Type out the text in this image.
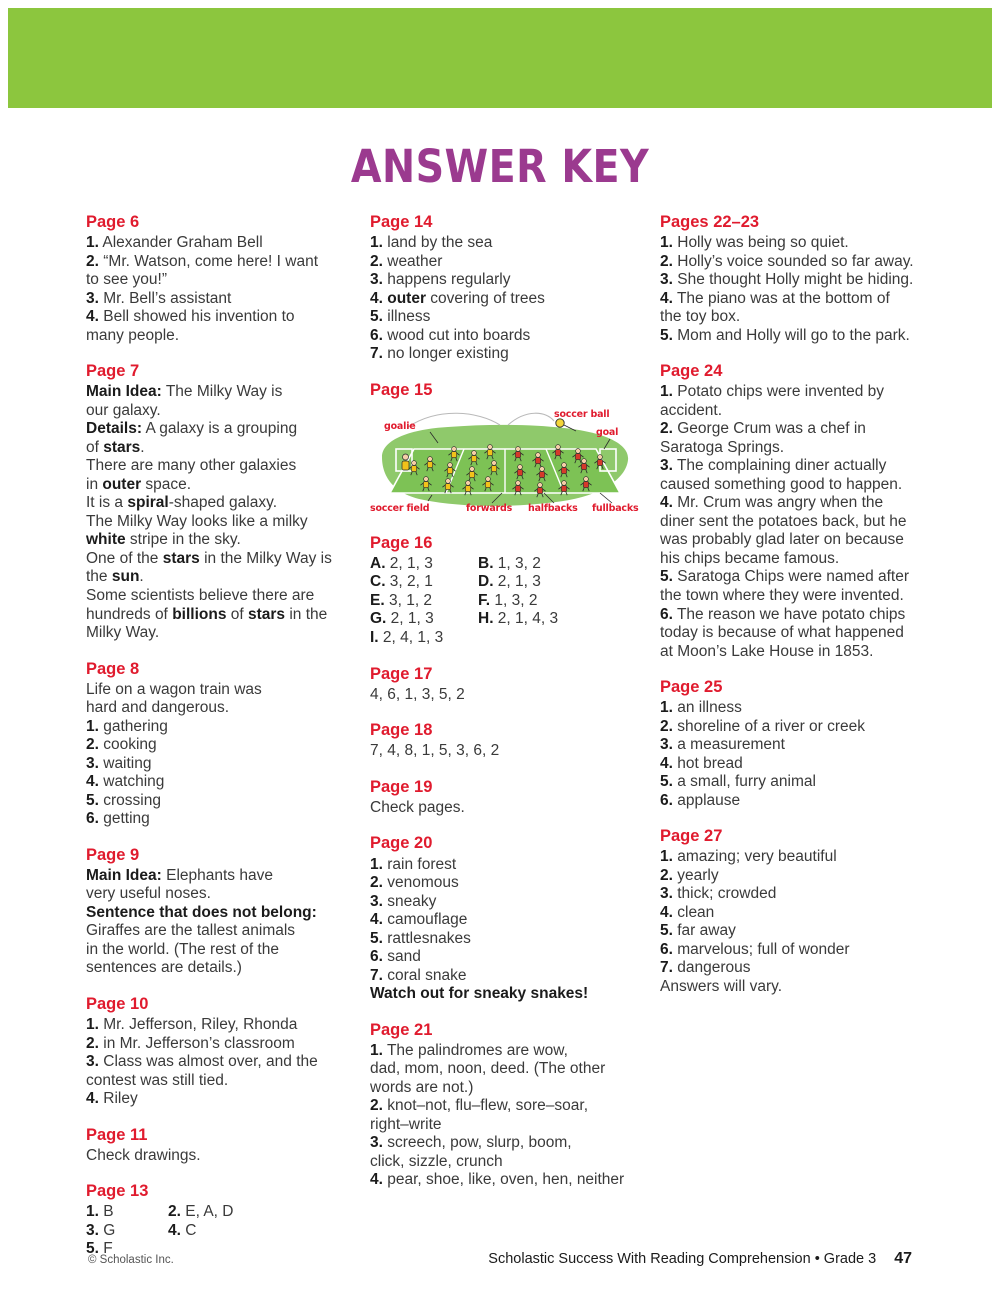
ANSWER KEY
Page 6
1. Alexander Graham Bell
2. “Mr. Watson, come here! I want
to see you!”
3. Mr. Bell’s assistant
4. Bell showed his invention to
many people.
Page 7
Main Idea: The Milky Way is
our galaxy.
Details: A galaxy is a grouping
of stars.
There are many other galaxies
in outer space.
It is a spiral-shaped galaxy.
The Milky Way looks like a milky
white stripe in the sky.
One of the stars in the Milky Way is
the sun.
Some scientists believe there are
hundreds of billions of stars in the
Milky Way.
Page 8
Life on a wagon train was
hard and dangerous.
1. gathering
2. cooking
3. waiting
4. watching
5. crossing
6. getting
Page 9
Main Idea: Elephants have
very useful noses.
Sentence that does not belong:
Giraffes are the tallest animals
in the world. (The rest of the
sentences are details.)
Page 10
1. Mr. Jefferson, Riley, Rhonda
2. in Mr. Jefferson’s classroom
3. Class was almost over, and the
contest was still tied.
4. Riley
Page 11
Check drawings.
Page 13
1. B	2. E, A, D
3. G	4. C
5. F
Page 14
1. land by the sea
2. weather
3. happens regularly
4. outer covering of trees
5. illness
6. wood cut into boards
7. no longer existing
Page 15
goalie
soccer ball
goal
soccer field	forwards halfbacks fullbacks
Page 16
A. 2, 1, 3	B. 1, 3, 2
C. 3, 2, 1	D. 2, 1, 3
E. 3, 1, 2	F. 1, 3, 2
G. 2, 1, 3	H. 2, 1, 4, 3
I. 2, 4, 1, 3
Page 17
4, 6, 1, 3, 5, 2
Page 18
7, 4, 8, 1, 5, 3, 6, 2
Page 19
Check pages.
Page 20
1. rain forest
2. venomous
3. sneaky
4. camouflage
5. rattlesnakes
6. sand
7. coral snake
Watch out for sneaky snakes!
Page 21
1. The palindromes are wow,
dad, mom, noon, deed. (The other
words are not.)
2. knot–not, flu–flew, sore–soar,
right–write
3. screech, pow, slurp, boom,
click, sizzle, crunch
4. pear, shoe, like, oven, hen, neither
Pages 22–23
1. Holly was being so quiet.
2. Holly’s voice sounded so far away.
3. She thought Holly might be hiding.
4. The piano was at the bottom of
the toy box.
5. Mom and Holly will go to the park.
Page 24
1. Potato chips were invented by
accident.
2. George Crum was a chef in
Saratoga Springs.
3. The complaining diner actually
caused something good to happen.
4. Mr. Crum was angry when the
diner sent the potatoes back, but he
was probably glad later on because
his chips became famous.
5. Saratoga Chips were named after
the town where they were invented.
6. The reason we have potato chips
today is because of what happened
at Moon’s Lake House in 1853.
Page 25
1. an illness
2. shoreline of a river or creek
3. a measurement
4. hot bread
5. a small, furry animal
6. applause
Page 27
1. amazing; very beautiful
2. yearly
3. thick; crowded
4. clean
5. far away
6. marvelous; full of wonder
7. dangerous
Answers will vary.
© Scholastic Inc.	Scholastic Success With Reading Comprehension • Grade 3 47
